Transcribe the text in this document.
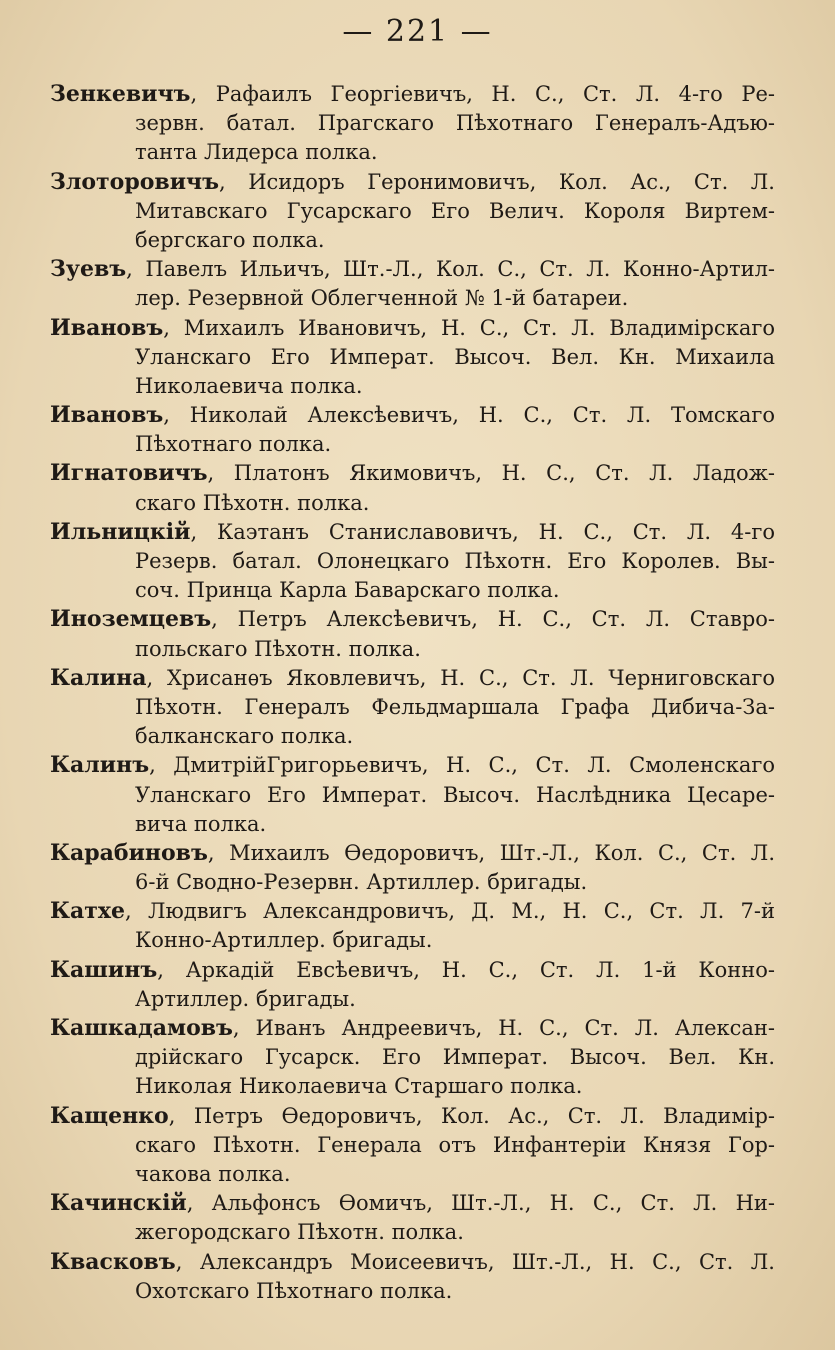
— 221 —
Зенкевичъ, Рафаилъ Георгіевичъ, Н. С., Ст. Л. 4-го Ре-
зервн. батал. Прагскаго Пѣхотнаго Генералъ-Адъю-
танта Лидерса полка.
Злоторовичъ, Исидоръ Геронимовичъ, Кол. Ас., Ст. Л.
Митавскаго Гусарскаго Его Велич. Короля Виртем-
бергскаго полка.
Зуевъ, Павелъ Ильичъ, Шт.-Л., Кол. С., Ст. Л. Конно-Артил-
лер. Резервной Облегченной № 1-й батареи.
Ивановъ, Михаилъ Ивановичъ, Н. С., Ст. Л. Владимірскаго
Уланскаго Его Императ. Высоч. Вел. Кн. Михаила
Николаевича полка.
Ивановъ, Николай Алексѣевичъ, Н. С., Ст. Л. Томскаго
Пѣхотнаго полка.
Игнатовичъ, Платонъ Якимовичъ, Н. С., Ст. Л. Ладож-
скаго Пѣхотн. полка.
Ильницкій, Каэтанъ Станиславовичъ, Н. С., Ст. Л. 4-го
Резерв. батал. Олонецкаго Пѣхотн. Его Королев. Вы-
соч. Принца Карла Баварскаго полка.
Иноземцевъ, Петръ Алексѣевичъ, Н. С., Ст. Л. Ставро-
польскаго Пѣхотн. полка.
Калина, Хрисанѳъ Яковлевичъ, Н. С., Ст. Л. Черниговскаго
Пѣхотн. Генералъ Фельдмаршала Графа Дибича-За-
балканскаго полка.
Калинъ, ДмитрійГригорьевичъ, Н. С., Ст. Л. Смоленскаго
Уланскаго Его Императ. Высоч. Наслѣдника Цесаре-
вича полка.
Карабиновъ, Михаилъ Ѳедоровичъ, Шт.-Л., Кол. С., Ст. Л.
6-й Сводно-Резервн. Артиллер. бригады.
Катхе, Людвигъ Александровичъ, Д. М., Н. С., Ст. Л. 7-й
Конно-Артиллер. бригады.
Кашинъ, Аркадій Евсѣевичъ, Н. С., Ст. Л. 1-й Конно-
Артиллер. бригады.
Кашкадамовъ, Иванъ Андреевичъ, Н. С., Ст. Л. Алексан-
дрійскаго Гусарск. Его Императ. Высоч. Вел. Кн.
Николая Николаевича Старшаго полка.
Кащенко, Петръ Ѳедоровичъ, Кол. Ас., Ст. Л. Владимір-
скаго Пѣхотн. Генерала отъ Инфантеріи Князя Гор-
чакова полка.
Качинскій, Альфонсъ Ѳомичъ, Шт.-Л., Н. С., Ст. Л. Ни-
жегородскаго Пѣхотн. полка.
Квасковъ, Александръ Моисеевичъ, Шт.-Л., Н. С., Ст. Л.
Охотскаго Пѣхотнаго полка.
